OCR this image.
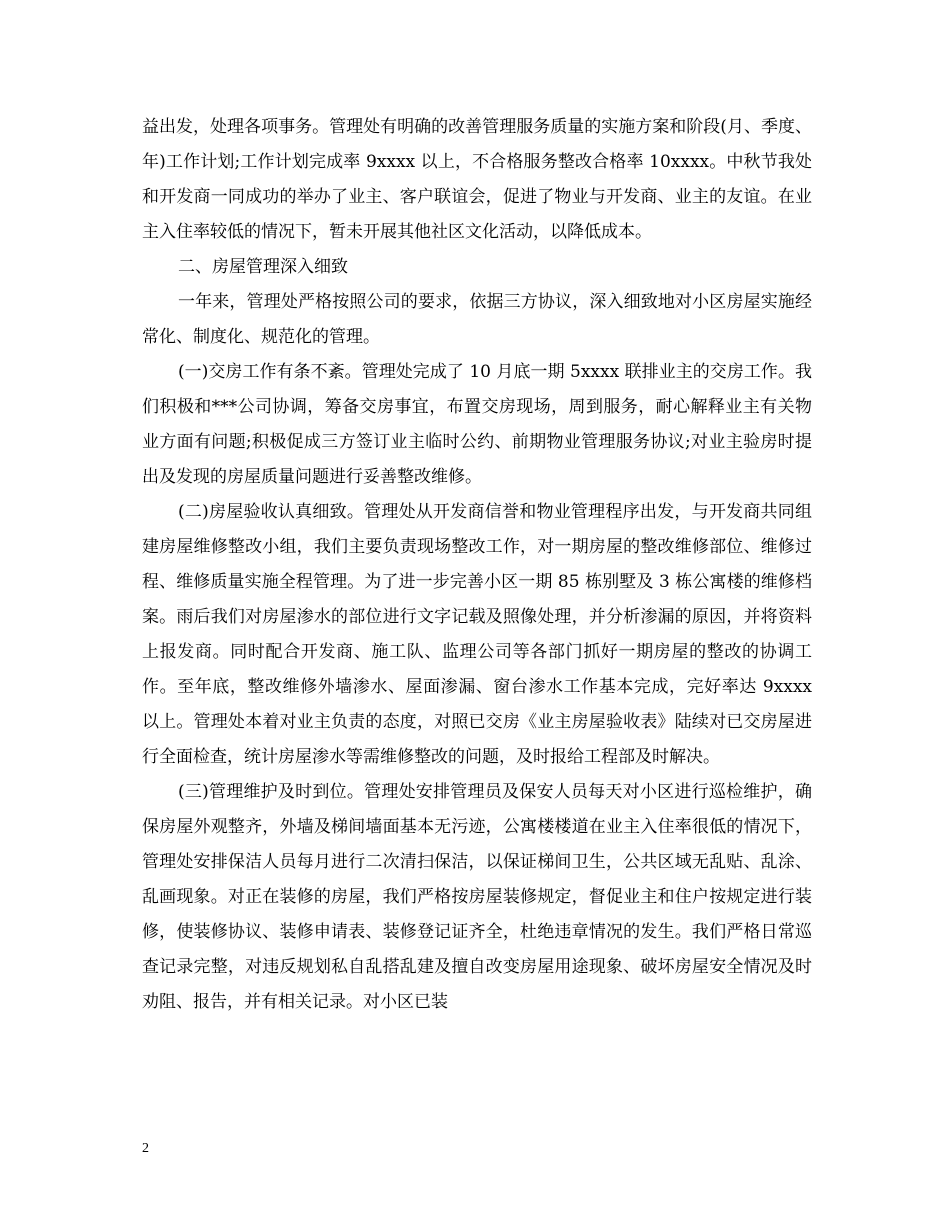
益出发，处理各项事务。管理处有明确的改善管理服务质量的实施方案和阶段(月、季度、年)工作计划;工作计划完成率 9xxxx 以上，不合格服务整改合格率 10xxxx。中秋节我处和开发商一同成功的举办了业主、客户联谊会，促进了物业与开发商、业主的友谊。在业主入住率较低的情况下，暂未开展其他社区文化活动，以降低成本。

二、房屋管理深入细致

一年来，管理处严格按照公司的要求，依据三方协议，深入细致地对小区房屋实施经常化、制度化、规范化的管理。

(一)交房工作有条不紊。管理处完成了 10 月底一期 5xxxx 联排业主的交房工作。我们积极和***公司协调，筹备交房事宜，布置交房现场，周到服务，耐心解释业主有关物业方面有问题;积极促成三方签订业主临时公约、前期物业管理服务协议;对业主验房时提出及发现的房屋质量问题进行妥善整改维修。

(二)房屋验收认真细致。管理处从开发商信誉和物业管理程序出发，与开发商共同组建房屋维修整改小组，我们主要负责现场整改工作，对一期房屋的整改维修部位、维修过程、维修质量实施全程管理。为了进一步完善小区一期 85 栋别墅及 3 栋公寓楼的维修档案。雨后我们对房屋渗水的部位进行文字记载及照像处理，并分析渗漏的原因，并将资料上报发商。同时配合开发商、施工队、监理公司等各部门抓好一期房屋的整改的协调工作。至年底，整改维修外墙渗水、屋面渗漏、窗台渗水工作基本完成，完好率达 9xxxx 以上。管理处本着对业主负责的态度，对照已交房《业主房屋验收表》陆续对已交房屋进行全面检查，统计房屋渗水等需维修整改的问题，及时报给工程部及时解决。

(三)管理维护及时到位。管理处安排管理员及保安人员每天对小区进行巡检维护，确保房屋外观整齐，外墙及梯间墙面基本无污迹，公寓楼楼道在业主入住率很低的情况下，管理处安排保洁人员每月进行二次清扫保洁，以保证梯间卫生，公共区域无乱贴、乱涂、乱画现象。对正在装修的房屋，我们严格按房屋装修规定，督促业主和住户按规定进行装修，使装修协议、装修申请表、装修登记证齐全，杜绝违章情况的发生。我们严格日常巡查记录完整，对违反规划私自乱搭乱建及擅自改变房屋用途现象、破坏房屋安全情况及时劝阻、报告，并有相关记录。对小区已装

2
